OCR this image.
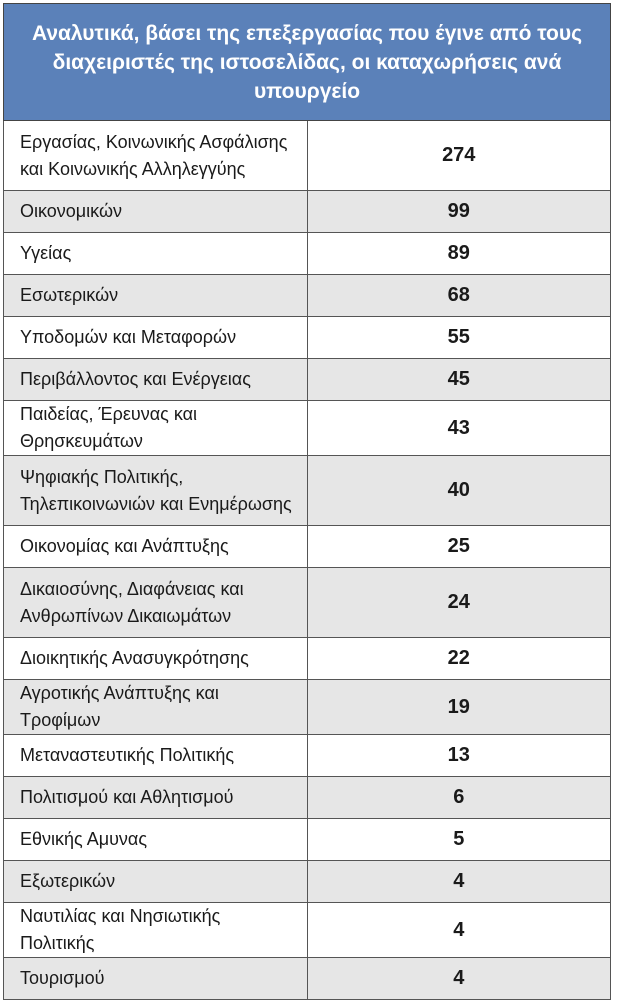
Αναλυτικά, βάσει της επεξεργασίας που έγινε από τους διαχειριστές της ιστοσελίδας, οι καταχωρήσεις ανά υπουργείο	
Εργασίας, Κοινωνικής Ασφάλισης και Κοινωνικής Αλληλεγγύης	274
Οικονομικών	99
Υγείας	89
Εσωτερικών	68
Υποδομών και Μεταφορών	55
Περιβάλλοντος και Ενέργειας	45
Παιδείας, Έρευνας και Θρησκευμάτων	43
Ψηφιακής Πολιτικής, Τηλεπικοινωνιών και Ενημέρωσης	40
Οικονομίας και Ανάπτυξης	25
Δικαιοσύνης, Διαφάνειας και Ανθρωπίνων Δικαιωμάτων	24
Διοικητικής Ανασυγκρότησης	22
Αγροτικής Ανάπτυξης και Τροφίμων	19
Μεταναστευτικής Πολιτικής	13
Πολιτισμού και Αθλητισμού	6
Εθνικής Αμυνας	5
Εξωτερικών	4
Ναυτιλίας και Νησιωτικής Πολιτικής	4
Τουρισμού	4
